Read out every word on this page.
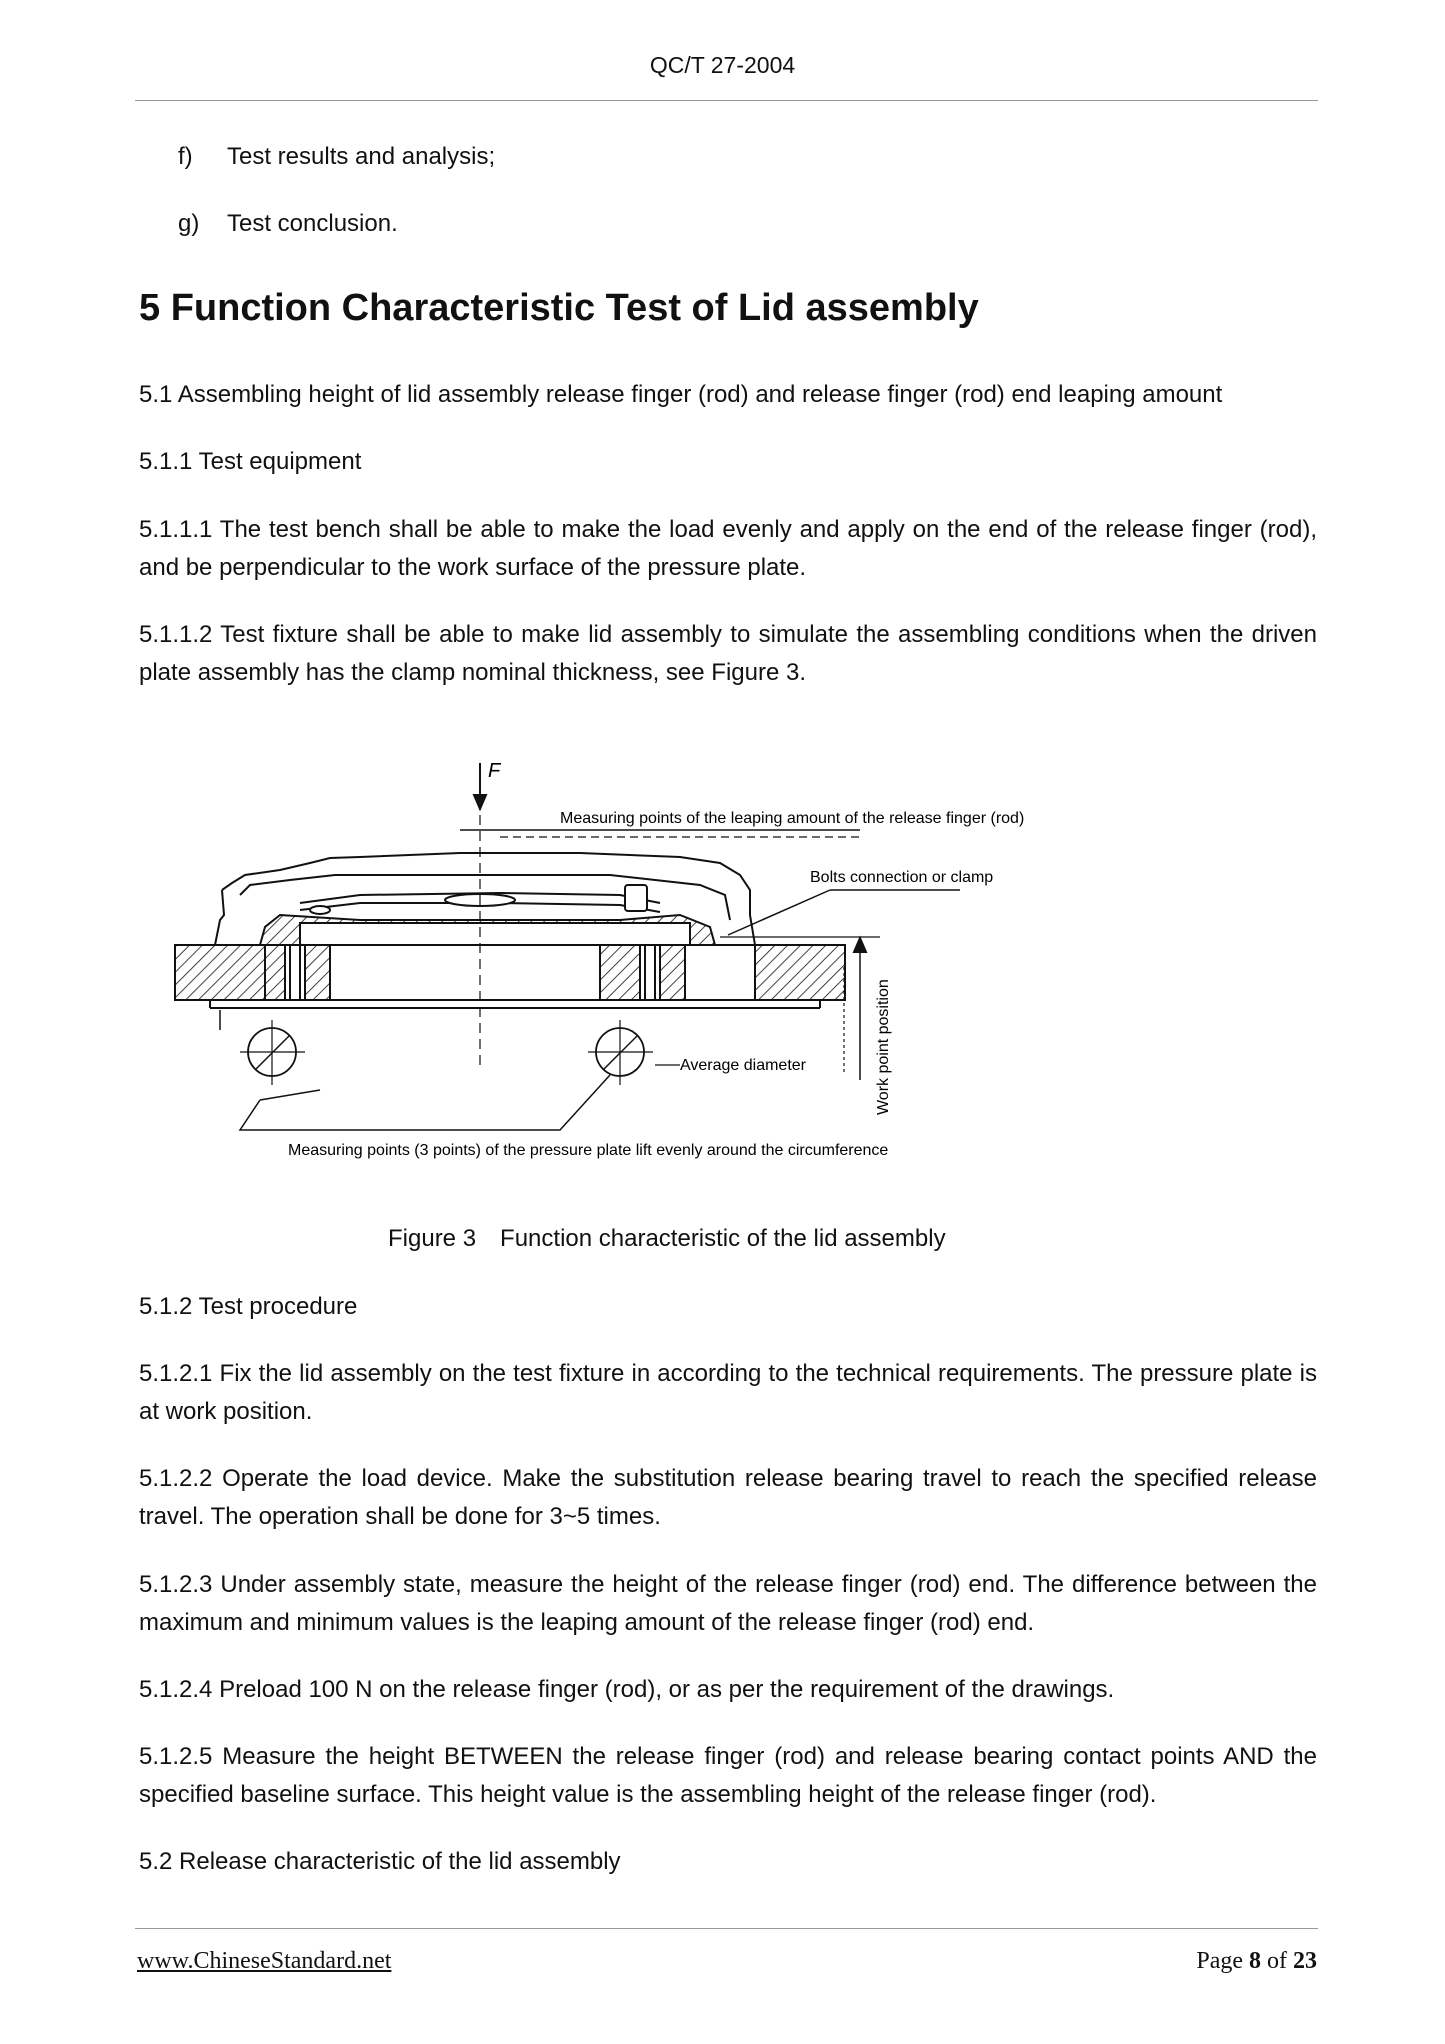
QC/T 27-2004
f) Test results and analysis;
g) Test conclusion.
5 Function Characteristic Test of Lid assembly

5.1 Assembling height of lid assembly release finger (rod) and release finger (rod) end leaping amount

5.1.1 Test equipment

5.1.1.1 The test bench shall be able to make the load evenly and apply on the end of the release finger (rod), and be perpendicular to the work surface of the pressure plate.

5.1.1.2 Test fixture shall be able to make lid assembly to simulate the assembling conditions when the driven plate assembly has the clamp nominal thickness, see Figure 3.

F
Measuring points of the leaping amount of the release finger (rod)
Bolts connection or clamp
Average diameter	Work point position
Measuring points (3 points) of the pressure plate lift evenly around the circumference
Figure 3 Function characteristic of the lid assembly

5.1.2 Test procedure

5.1.2.1 Fix the lid assembly on the test fixture in according to the technical requirements. The pressure plate is at work position.

5.1.2.2 Operate the load device. Make the substitution release bearing travel to reach the specified release travel. The operation shall be done for 3~5 times.

5.1.2.3 Under assembly state, measure the height of the release finger (rod) end. The difference between the maximum and minimum values is the leaping amount of the release finger (rod) end.

5.1.2.4 Preload 100 N on the release finger (rod), or as per the requirement of the drawings.

5.1.2.5 Measure the height BETWEEN the release finger (rod) and release bearing contact points AND the specified baseline surface. This height value is the assembling height of the release finger (rod).

5.2 Release characteristic of the lid assembly

www.ChineseStandard.net	Page 8 of 23
